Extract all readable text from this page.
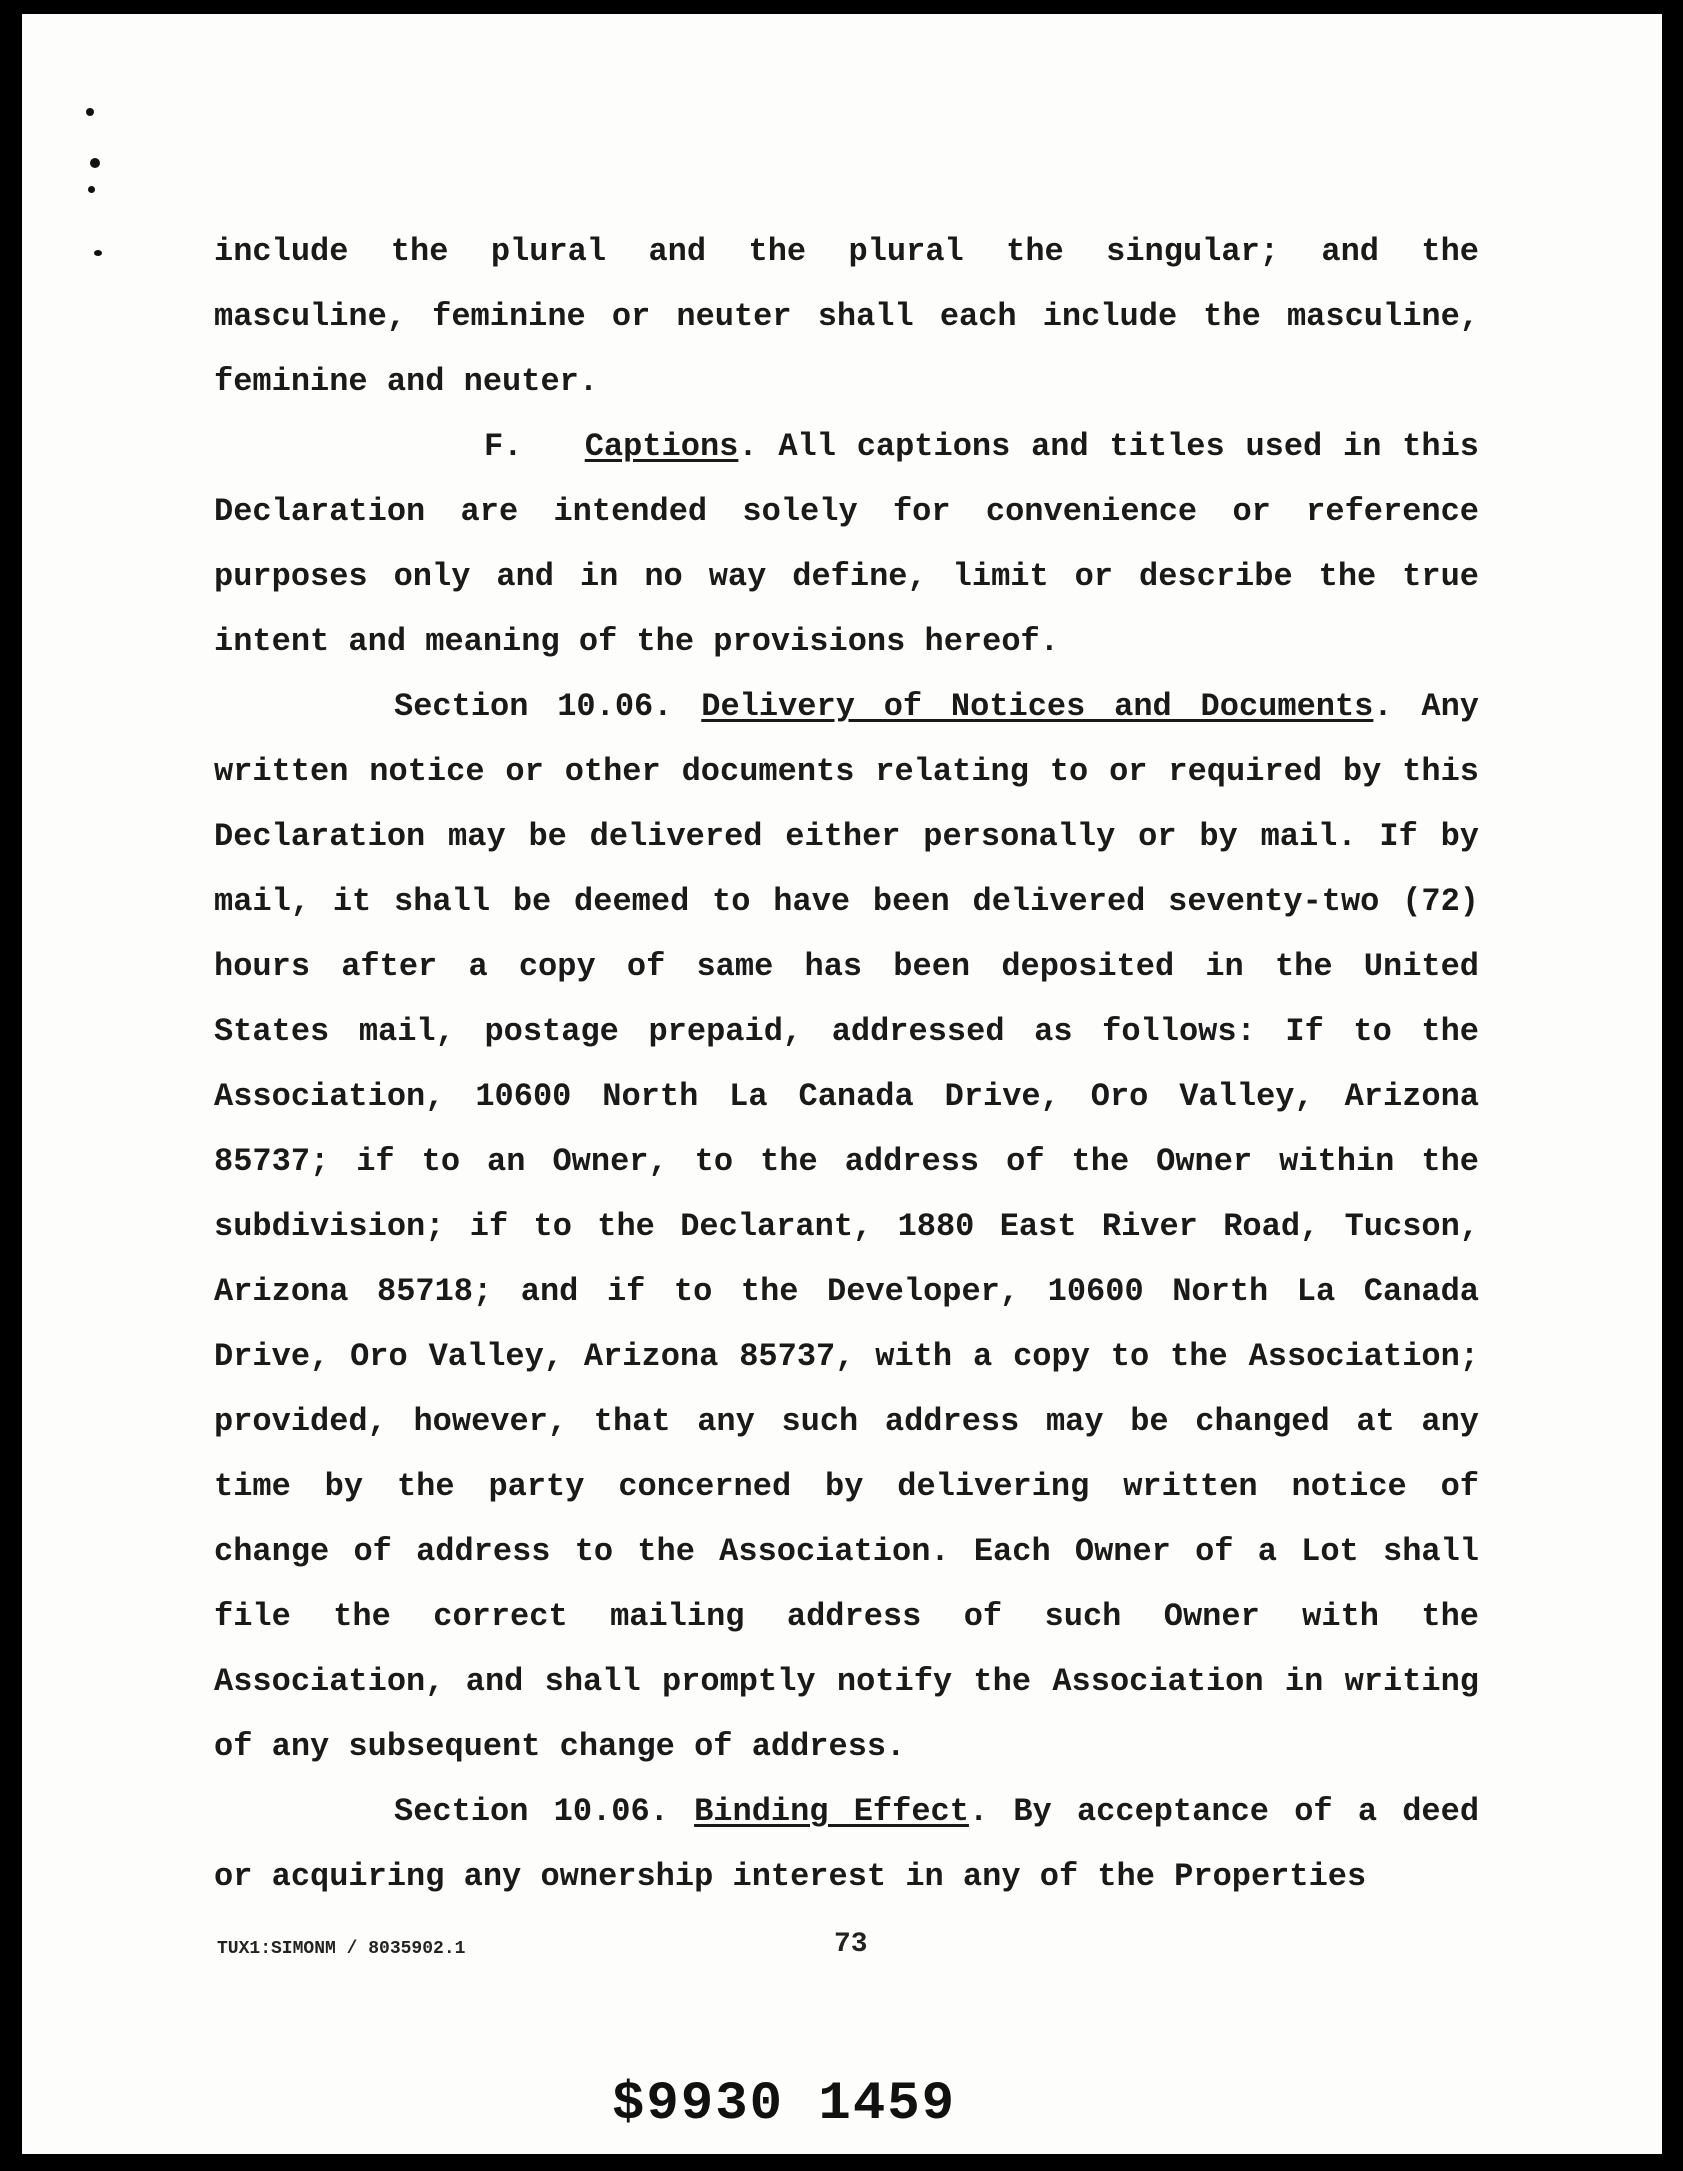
include the plural and the plural the singular; and the masculine, feminine or neuter shall each include the masculine, feminine and neuter.

F. Captions. All captions and titles used in this Declaration are intended solely for convenience or reference purposes only and in no way define, limit or describe the true intent and meaning of the provisions hereof.

Section 10.06. Delivery of Notices and Documents. Any written notice or other documents relating to or required by this Declaration may be delivered either personally or by mail. If by mail, it shall be deemed to have been delivered seventy-two (72) hours after a copy of same has been deposited in the United States mail, postage prepaid, addressed as follows: If to the Association, 10600 North La Canada Drive, Oro Valley, Arizona 85737; if to an Owner, to the address of the Owner within the subdivision; if to the Declarant, 1880 East River Road, Tucson, Arizona 85718; and if to the Developer, 10600 North La Canada Drive, Oro Valley, Arizona 85737, with a copy to the Association; provided, however, that any such address may be changed at any time by the party concerned by delivering written notice of change of address to the Association. Each Owner of a Lot shall file the correct mailing address of such Owner with the Association, and shall promptly notify the Association in writing of any subsequent change of address.

Section 10.06. Binding Effect. By acceptance of a deed or acquiring any ownership interest in any of the Properties

TUX1:SIMONM / 8035902.1	73
$9930 1459
